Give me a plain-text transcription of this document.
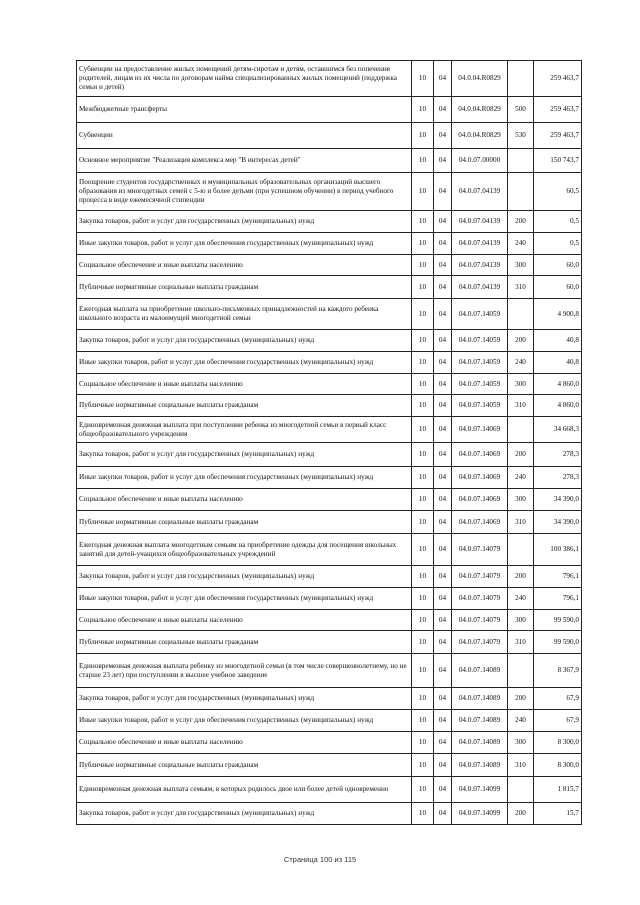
Субвенции на предоставление жилых помещений детям-сиротам и детям, оставшимся без попечения родителей, лицам из их числа по договорам найма специализированных жилых помещений (поддержка семьи и детей)	10	04	04.0.04.R0829		259 463,7
Межбюджетные трансферты	10	04	04.0.04.R0829	500	259 463,7
Субвенции	10	04	04.0.04.R0829	530	259 463,7
Основное мероприятие "Реализация комплекса мер "В интересах детей"	10	04	04.0.07.00000		150 743,7
Поощрение студентов государственных и муниципальных образовательных организаций высшего образования из многодетных семей с 5-ю и более детьми (при успешном обучении) в период учебного процесса в виде ежемесячной стипендии	10	04	04.0.07.04139		60,5
Закупка товаров, работ и услуг для государственных (муниципальных) нужд	10	04	04.0.07.04139	200	0,5
Иные закупки товаров, работ и услуг для обеспечения государственных (муниципальных) нужд	10	04	04.0.07.04139	240	0,5
Социальное обеспечение и иные выплаты населению	10	04	04.0.07.04139	300	60,0
Публичные нормативные социальные выплаты гражданам	10	04	04.0.07.04139	310	60,0
Ежегодная выплата на приобретение школьно-письменных принадлежностей на каждого ребенка школьного возраста из малоимущей многодетной семьи	10	04	04.0.07.14059		4 900,8
Закупка товаров, работ и услуг для государственных (муниципальных) нужд	10	04	04.0.07.14059	200	40,8
Иные закупки товаров, работ и услуг для обеспечения государственных (муниципальных) нужд	10	04	04.0.07.14059	240	40,8
Социальное обеспечение и иные выплаты населению	10	04	04.0.07.14059	300	4 860,0
Публичные нормативные социальные выплаты гражданам	10	04	04.0.07.14059	310	4 860,0
Единовременная денежная выплата при поступлении ребенка из многодетной семьи в первый класс общеобразовательного учреждения	10	04	04.0.07.14069		34 668,3
Закупка товаров, работ и услуг для государственных (муниципальных) нужд	10	04	04.0.07.14069	200	278,3
Иные закупки товаров, работ и услуг для обеспечения государственных (муниципальных) нужд	10	04	04.0.07.14069	240	278,3
Социальное обеспечение и иные выплаты населению	10	04	04.0.07.14069	300	34 390,0
Публичные нормативные социальные выплаты гражданам	10	04	04.0.07.14069	310	34 390,0
Ежегодная денежная выплата многодетным семьям на приобретение одежды для посещения школьных занятий для детей-учащихся общеобразовательных учреждений	10	04	04.0.07.14079		100 386,1
Закупка товаров, работ и услуг для государственных (муниципальных) нужд	10	04	04.0.07.14079	200	796,1
Иные закупки товаров, работ и услуг для обеспечения государственных (муниципальных) нужд	10	04	04.0.07.14079	240	796,1
Социальное обеспечение и иные выплаты населению	10	04	04.0.07.14079	300	99 590,0
Публичные нормативные социальные выплаты гражданам	10	04	04.0.07.14079	310	99 590,0
Единовременная денежная выплата ребенку из многодетной семьи (в том числе совершеннолетнему, но не старше 23 лет) при поступлении в высшее учебное заведение	10	04	04.0.07.14089		8 367,9
Закупка товаров, работ и услуг для государственных (муниципальных) нужд	10	04	04.0.07.14089	200	67,9
Иные закупки товаров, работ и услуг для обеспечения государственных (муниципальных) нужд	10	04	04.0.07.14089	240	67,9
Социальное обеспечение и иные выплаты населению	10	04	04.0.07.14089	300	8 300,0
Публичные нормативные социальные выплаты гражданам	10	04	04.0.07.14089	310	8 300,0
Единовременная денежная выплата семьям, в которых родилось двое или более детей одновременно	10	04	04.0.07.14099		1 815,7
Закупка товаров, работ и услуг для государственных (муниципальных) нужд	10	04	04.0.07.14099	200	15,7
Страница 100 из 115
